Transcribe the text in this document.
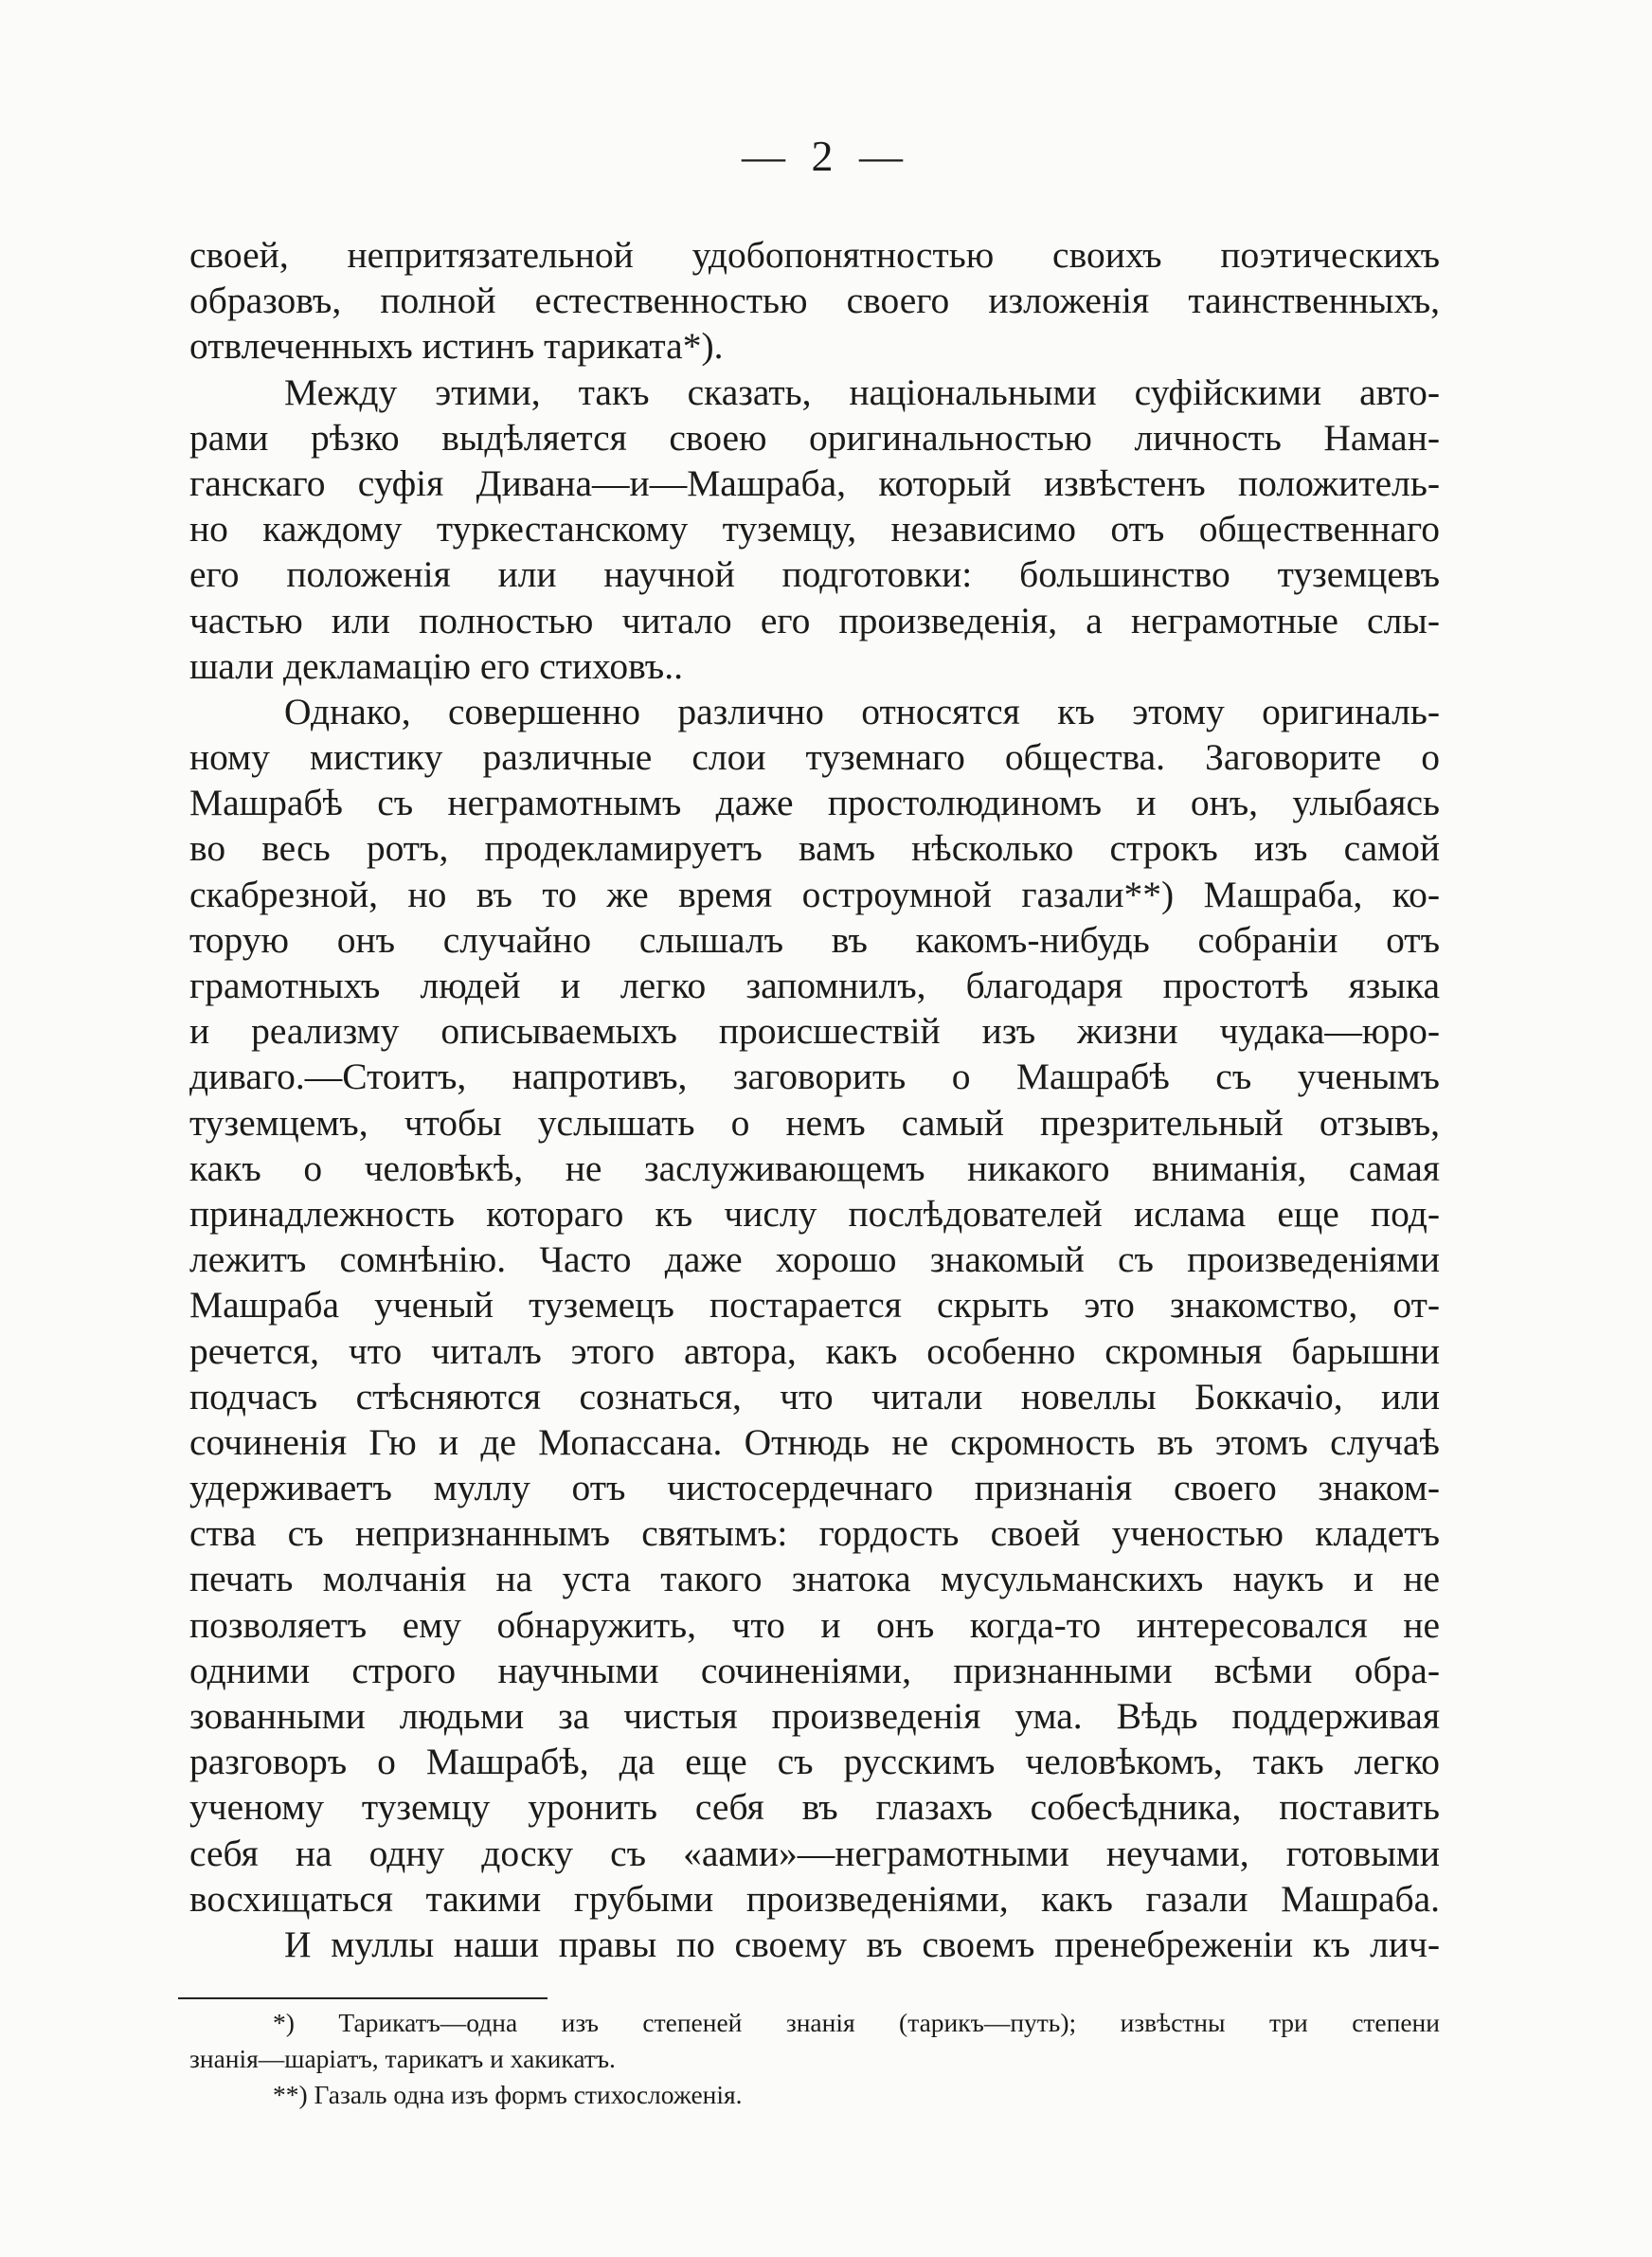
— 2 —
своей, непритязательной удобопонятностью своихъ поэтическихъ
образовъ, полной естественностью своего изложенія таинственныхъ,
отвлеченныхъ истинъ тариката*).
Между этими, такъ сказать, національными суфійскими авто-
рами рѣзко выдѣляется своею оригинальностью личность Наман-
ганскаго суфія Дивана—и—Машраба, который извѣстенъ положитель-
но каждому туркестанскому туземцу, независимо отъ общественнаго
его положенія или научной подготовки: большинство туземцевъ
частью или полностью читало его произведенія, а неграмотные слы-
шали декламацію его стиховъ..
Однако, совершенно различно относятся къ этому оригиналь-
ному мистику различные слои туземнаго общества. Заговорите о
Машрабѣ съ неграмотнымъ даже простолюдиномъ и онъ, улыбаясь
во весь ротъ, продекламируетъ вамъ нѣсколько строкъ изъ самой
скабрезной, но въ то же время остроумной газали**) Машраба, ко-
торую онъ случайно слышалъ въ какомъ-нибудь собраніи отъ
грамотныхъ людей и легко запомнилъ, благодаря простотѣ языка
и реализму описываемыхъ происшествій изъ жизни чудака—юро-
диваго.—Стоитъ, напротивъ, заговорить о Машрабѣ съ ученымъ
туземцемъ, чтобы услышать о немъ самый презрительный отзывъ,
какъ о человѣкѣ, не заслуживающемъ никакого вниманія, самая
принадлежность котораго къ числу послѣдователей ислама еще под-
лежитъ сомнѣнію. Часто даже хорошо знакомый съ произведеніями
Машраба ученый туземецъ постарается скрыть это знакомство, от-
речется, что читалъ этого автора, какъ особенно скромныя барышни
подчасъ стѣсняются сознаться, что читали новеллы Боккачіо, или
сочиненія Гю и де Мопассана. Отнюдь не скромность въ этомъ случаѣ
удерживаетъ муллу отъ чистосердечнаго признанія своего знаком-
ства съ непризнаннымъ святымъ: гордость своей ученостью кладетъ
печать молчанія на уста такого знатока мусульманскихъ наукъ и не
позволяетъ ему обнаружить, что и онъ когда-то интересовался не
одними строго научными сочиненіями, признанными всѣми обра-
зованными людьми за чистыя произведенія ума. Вѣдь поддерживая
разговоръ о Машрабѣ, да еще съ русскимъ человѣкомъ, такъ легко
ученому туземцу уронить себя въ глазахъ собесѣдника, поставить
себя на одну доску съ «аами»—неграмотными неучами, готовыми
восхищаться такими грубыми произведеніями, какъ газали Машраба.
И муллы наши правы по своему въ своемъ пренебреженіи къ лич-
*) Тарикатъ—одна изъ степеней знанія (тарикъ—путь); извѣстны три степени
знанія—шаріатъ, тарикатъ и хакикатъ.
**) Газаль одна изъ формъ стихосложенія.
